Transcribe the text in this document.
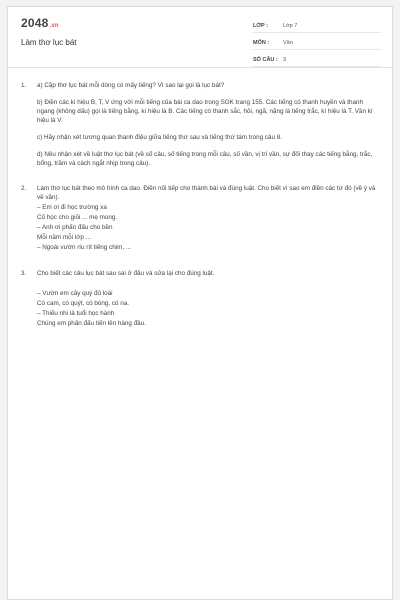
2048.vn
Làm thơ lục bát
LỚP :	Lớp 7
MÔN :	Văn
SỐ CÂU : 3
1.	a) Cặp thơ lục bát mỗi dòng có mấy tiếng? Vì sao lại gọi là lục bát?

b) Điền các kí hiệu B, T, V ứng với mỗi tiếng của bài ca dao trong SGK trang 155. Các tiếng có thanh huyền và thanh ngang (không dấu) gọi là tiếng bằng, kí hiệu là B. Các tiếng có thanh sắc, hỏi, ngã, nặng là tiếng trắc, kí hiệu là T. Vần kí hiệu là V.

c) Hãy nhận xét tương quan thanh điệu giữa tiếng thứ sau và tiếng thứ tám trong câu 8.

d) Nêu nhận xét về luật thơ lục bát (về số câu, số tiếng trong mỗi câu, số vần, vị trí vần, sự đối thay các tiếng bằng, trắc, bổng, trầm và cách ngắt nhịp trong câu).

2.	Làm thơ lục bát theo mô hình ca dao. Điền nối tiếp cho thành bài và đúng luật. Cho biết vì sao em điền các từ đó (về ý và về vần).
– Em ơi đi học trường xa
Cố học cho giỏi ... mẹ mong.
– Anh ơi phấn đấu cho bền
Mỗi năm mỗi lớp ...
– Ngoài vườn ríu rít tiếng chim, ...
3.	Cho biết các câu lục bát sau sai ở đâu và sửa lại cho đúng luật.
– Vườn em cây quý đủ loài
Có cam, có quýt, có bòng, có na.
– Thiếu nhi là tuổi học hành
Chúng em phấn đấu tiến lên hàng đầu.
